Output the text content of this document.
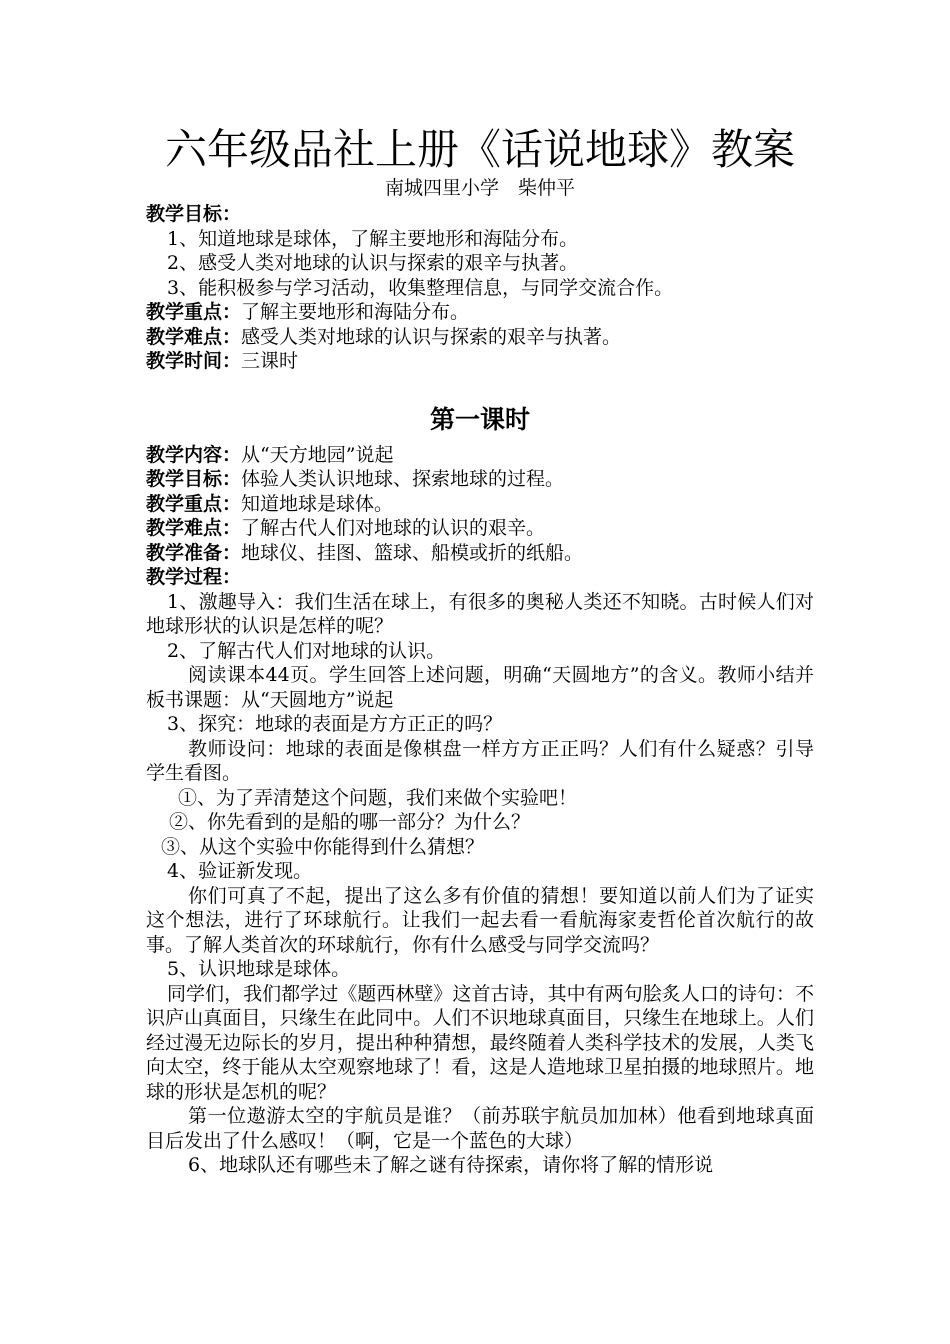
六年级品社上册《话说地球》教案

南城四里小学　柴仲平

教学目标：

1、知道地球是球体，了解主要地形和海陆分布。

2、感受人类对地球的认识与探索的艰辛与执著。

3、能积极参与学习活动，收集整理信息，与同学交流合作。

教学重点：了解主要地形和海陆分布。

教学难点：感受人类对地球的认识与探索的艰辛与执著。

教学时间：三课时

第一课时

教学内容：从“天方地园”说起

教学目标：体验人类认识地球、探索地球的过程。

教学重点：知道地球是球体。

教学难点：了解古代人们对地球的认识的艰辛。

教学准备：地球仪、挂图、篮球、船模或折的纸船。

教学过程：

1、激趣导入：我们生活在球上，有很多的奥秘人类还不知晓。古时候人们对地球形状的认识是怎样的呢？

2、了解古代人们对地球的认识。

阅读课本44页。学生回答上述问题，明确“天圆地方”的含义。教师小结并板书课题：从“天圆地方”说起

3、探究：地球的表面是方方正正的吗？

教师设问：地球的表面是像棋盘一样方方正正吗？人们有什么疑惑？引导学生看图。

①、为了弄清楚这个问题，我们来做个实验吧！

②、你先看到的是船的哪一部分？为什么？

③、从这个实验中你能得到什么猜想？

4、验证新发现。

你们可真了不起，提出了这么多有价值的猜想！要知道以前人们为了证实这个想法，进行了环球航行。让我们一起去看一看航海家麦哲伦首次航行的故事。了解人类首次的环球航行，你有什么感受与同学交流吗？

5、认识地球是球体。

同学们，我们都学过《题西林壁》这首古诗，其中有两句脍炙人口的诗句：不识庐山真面目，只缘生在此同中。人们不识地球真面目，只缘生在地球上。人们经过漫无边际长的岁月，提出种种猜想，最终随着人类科学技术的发展，人类飞向太空，终于能从太空观察地球了！看，这是人造地球卫星拍摄的地球照片。地球的形状是怎机的呢？

第一位遨游太空的宇航员是谁？（前苏联宇航员加加林）他看到地球真面目后发出了什么感叹！（啊，它是一个蓝色的大球）

6、地球队还有哪些未了解之谜有待探索，请你将了解的情形说
